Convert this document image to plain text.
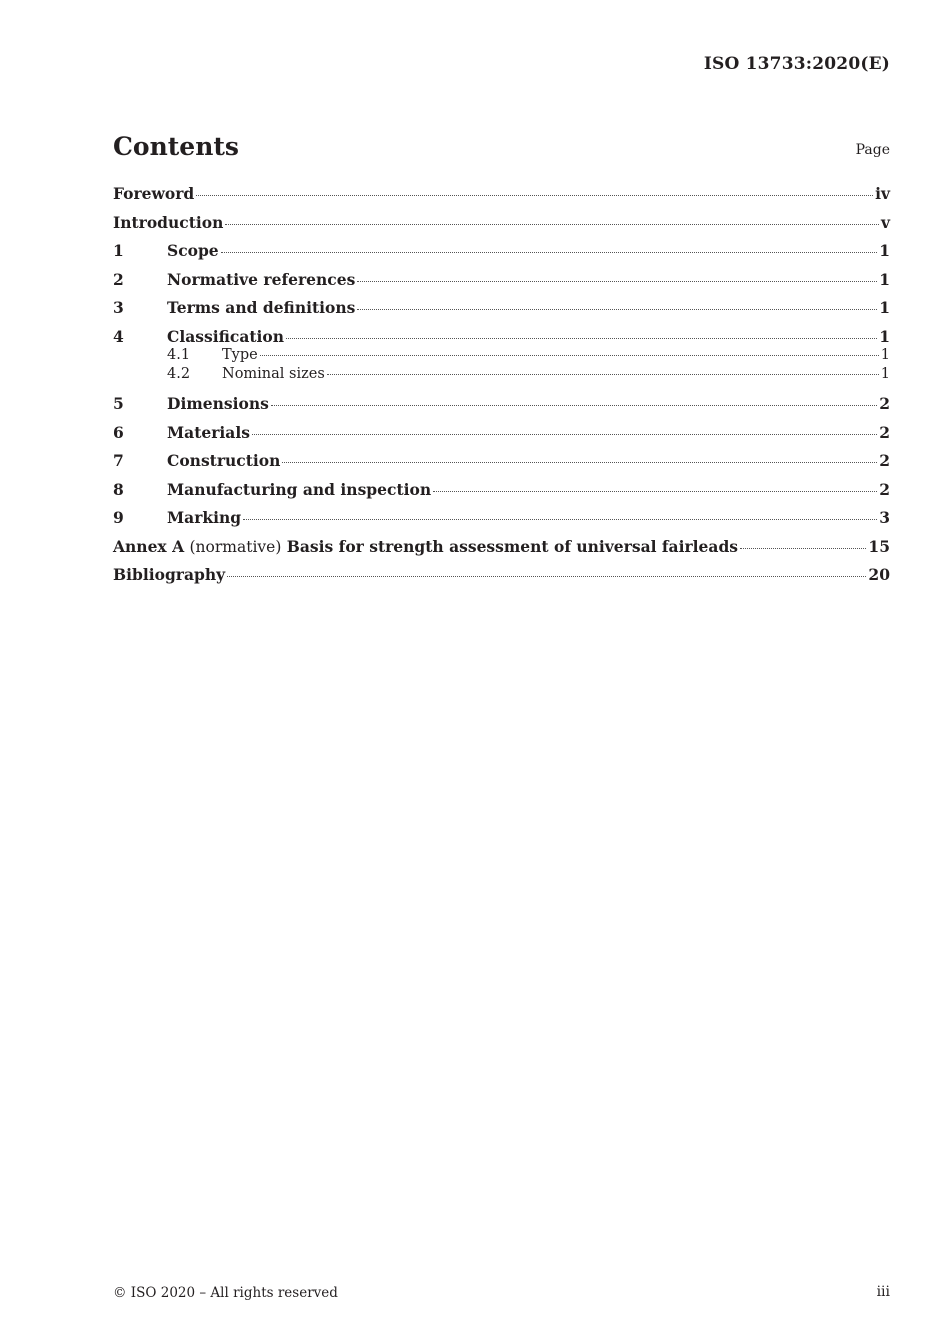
ISO 13733:2020(E)
Contents	Page
Foreword	iv
Introduction	v
1	Scope	1
2	Normative references	1
3	Terms and definitions	1
4	Classification	1
4.1	Type	1
4.2	Nominal sizes	1
5	Dimensions	2
6	Materials	2
7	Construction	2
8	Manufacturing and inspection	2
9	Marking	3
Annex A (normative) Basis for strength assessment of universal fairleads	15
Bibliography	20
© ISO 2020 – All rights reserved	iii
